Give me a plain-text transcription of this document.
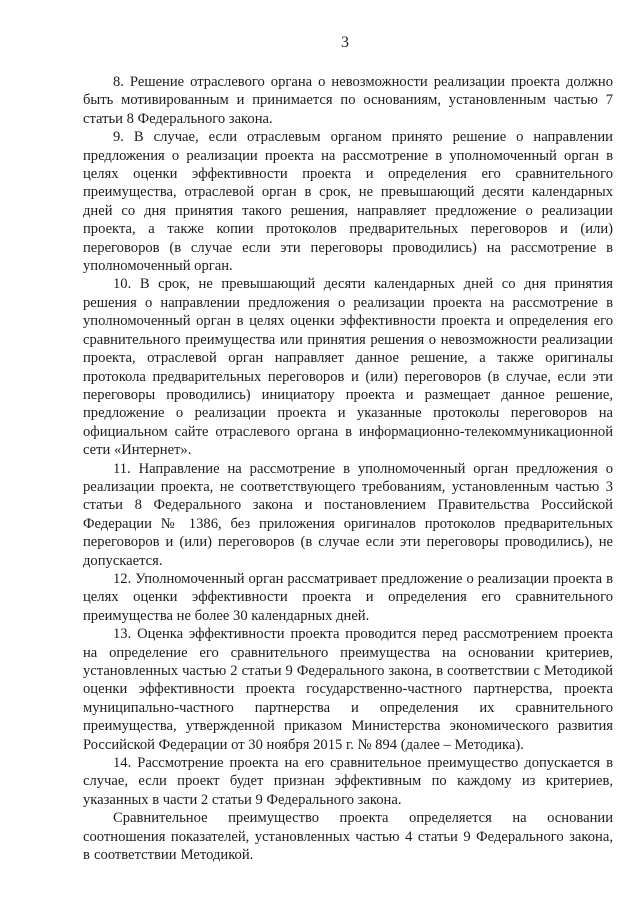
3

8. Решение отраслевого органа о невозможности реализации проекта должно быть мотивированным и принимается по основаниям, установленным частью 7 статьи 8 Федерального закона.

9. В случае, если отраслевым органом принято решение о направлении предложения о реализации проекта на рассмотрение в уполномоченный орган в целях оценки эффективности проекта и определения его сравнительного преимущества, отраслевой орган в срок, не превышающий десяти календарных дней со дня принятия такого решения, направляет предложение о реализации проекта, а также копии протоколов предварительных переговоров и (или) переговоров (в случае если эти переговоры проводились) на рассмотрение в уполномоченный орган.

10. В срок, не превышающий десяти календарных дней со дня принятия решения о направлении предложения о реализации проекта на рассмотрение в уполномоченный орган в целях оценки эффективности проекта и определения его сравнительного преимущества или принятия решения о невозможности реализации проекта, отраслевой орган направляет данное решение, а также оригиналы протокола предварительных переговоров и (или) переговоров (в случае, если эти переговоры проводились) инициатору проекта и размещает данное решение, предложение о реализации проекта и указанные протоколы переговоров на официальном сайте отраслевого органа в информационно-телекоммуникационной сети «Интернет».

11. Направление на рассмотрение в уполномоченный орган предложения о реализации проекта, не соответствующего требованиям, установленным частью 3 статьи 8 Федерального закона и постановлением Правительства Российской Федерации № 1386, без приложения оригиналов протоколов предварительных переговоров и (или) переговоров (в случае если эти переговоры проводились), не допускается.

12. Уполномоченный орган рассматривает предложение о реализации проекта в целях оценки эффективности проекта и определения его сравнительного преимущества не более 30 календарных дней.

13. Оценка эффективности проекта проводится перед рассмотрением проекта на определение его сравнительного преимущества на основании критериев, установленных частью 2 статьи 9 Федерального закона, в соответствии с Методикой оценки эффективности проекта государственно-частного партнерства, проекта муниципально-частного партнерства и определения их сравнительного преимущества, утвержденной приказом Министерства экономического развития Российской Федерации от 30 ноября 2015 г. № 894 (далее – Методика).

14. Рассмотрение проекта на его сравнительное преимущество допускается в случае, если проект будет признан эффективным по каждому из критериев, указанных в части 2 статьи 9 Федерального закона.

Сравнительное преимущество проекта определяется на основании соотношения показателей, установленных частью 4 статьи 9 Федерального закона, в соответствии Методикой.
